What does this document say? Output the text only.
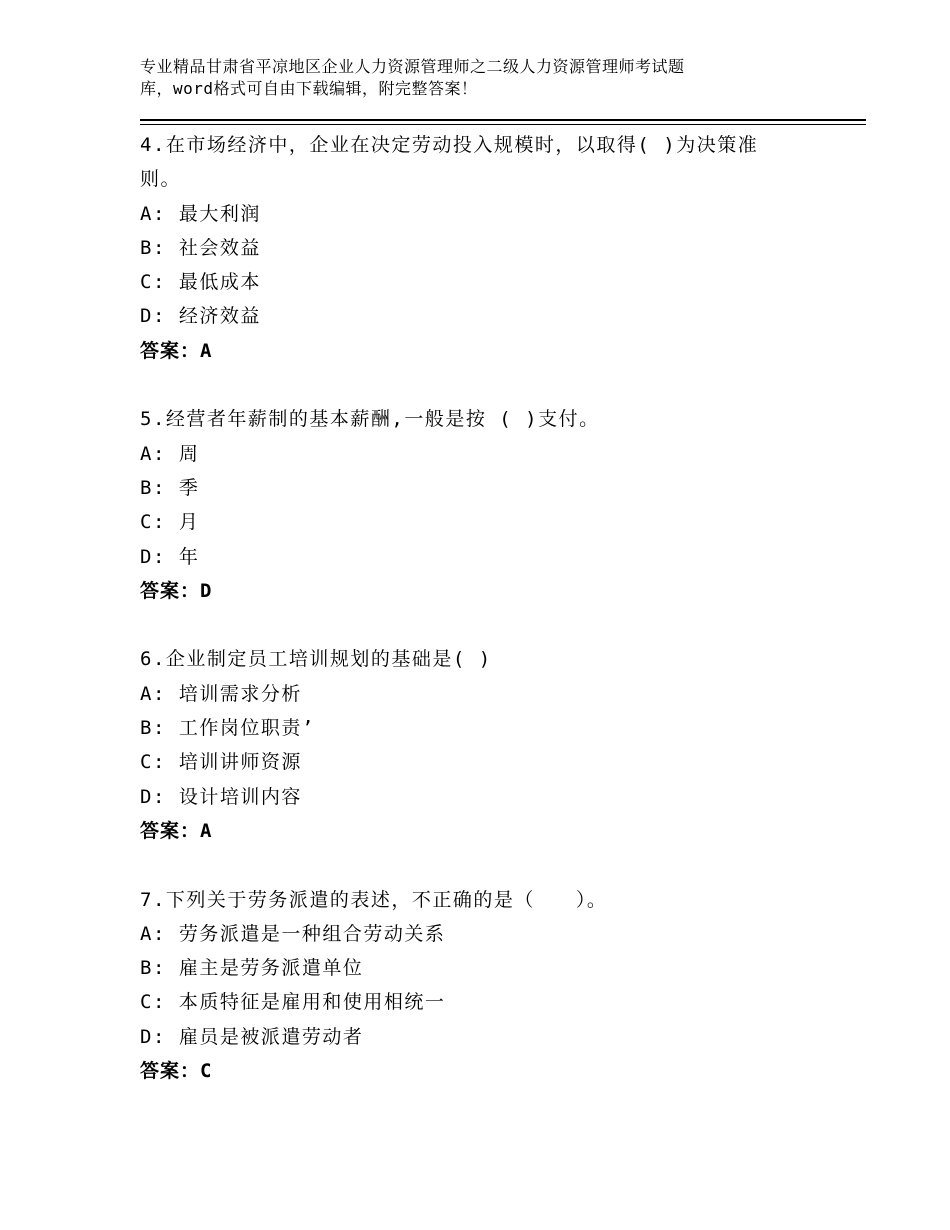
专业精品甘肃省平凉地区企业人力资源管理师之二级人力资源管理师考试题
库，word格式可自由下载编辑，附完整答案！

4.在市场经济中，企业在决定劳动投入规模时，以取得( )为决策准则。

A: 最大利润

B: 社会效益

C: 最低成本

D: 经济效益

答案：A

5.经营者年薪制的基本薪酬,一般是按 ( )支付。

A: 周

B: 季

C: 月

D: 年

答案：D

6.企业制定员工培训规划的基础是( )

A: 培训需求分析

B: 工作岗位职责’

C: 培训讲师资源

D: 设计培训内容

答案：A

7.下列关于劳务派遣的表述，不正确的是（　　）。

A: 劳务派遣是一种组合劳动关系

B: 雇主是劳务派遣单位

C: 本质特征是雇用和使用相统一

D: 雇员是被派遣劳动者

答案：C
